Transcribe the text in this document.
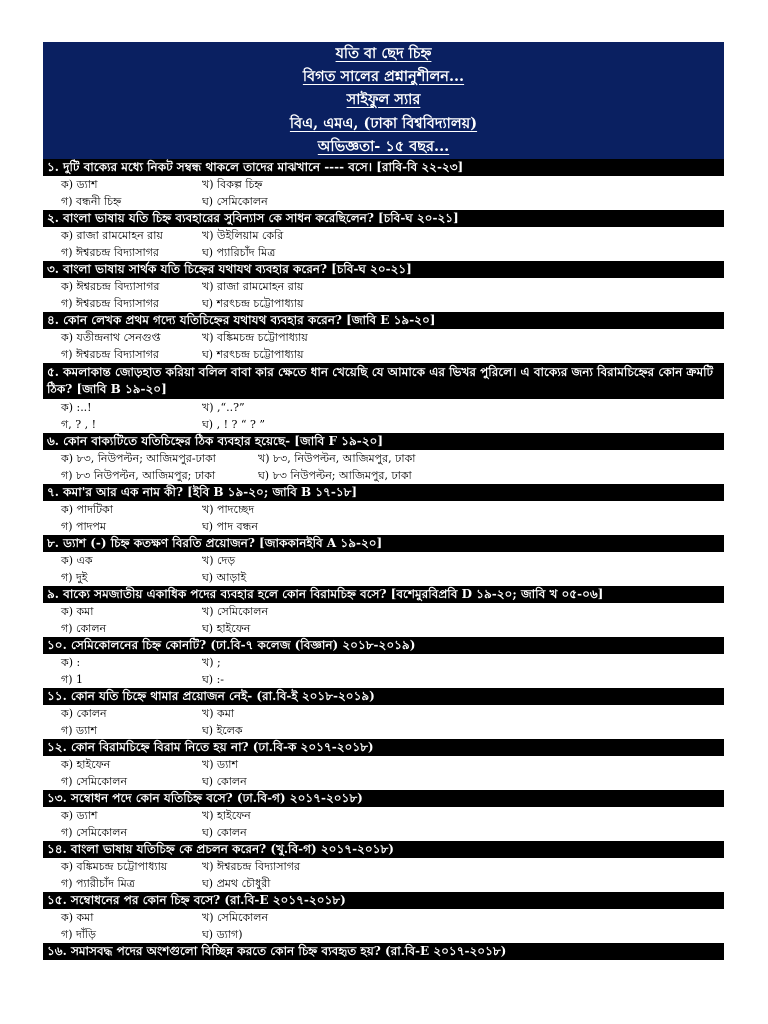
যতি বা ছেদ চিহ্ন
বিগত সালের প্রশ্নানুশীলন...
সাইফুল স্যার
বিএ, এমএ, (ঢাকা বিশ্ববিদ্যালয়)
অভিজ্ঞতা- ১৫ বছর...
১. দুটি বাক্যের মধ্যে নিকট সম্বন্ধ থাকলে তাদের মাঝখানে ---- বসে। [রাবি-বি ২২-২৩]
ক) ড্যাশ	খ) বিকল্প চিহ্ন
গ) বন্ধনী চিহ্ন	ঘ) সেমিকোলন
২. বাংলা ভাষায় যতি চিহ্ন ব্যবহারের সুবিন্যাস কে সাধন করেছিলেন? [চবি-ঘ ২০-২১]
ক) রাজা রামমোহন রায়	খ) উইলিয়াম কেরি
গ) ঈশ্বরচন্দ্র বিদ্যাসাগর	ঘ) প্যারিচাঁদ মিত্র
৩. বাংলা ভাষায় সার্থক যতি চিহ্নের যথাযথ ব্যবহার করেন? [চবি-ঘ ২০-২১]
ক) ঈশ্বরচন্দ্র বিদ্যাসাগর	খ) রাজা রামমোহন রায়
গ) ঈশ্বরচন্দ্র বিদ্যাসাগর	ঘ) শরৎচন্দ্র চট্টোপাধ্যায়
৪. কোন লেখক প্রথম গদ্যে যতিচিহ্নের যথাযথ ব্যবহার করেন? [জাবি E ১৯-২০]
ক) যতীন্দ্রনাথ সেনগুপ্ত	খ) বঙ্কিমচন্দ্র চট্টোপাধ্যায়
গ) ঈশ্বরচন্দ্র বিদ্যাসাগর	ঘ) শরৎচন্দ্র চট্টোপাধ্যায়
৫. কমলাকান্ত জোড়হাত করিয়া বলিল বাবা কার ক্ষেতে ধান খেয়েছি যে আমাকে এর ভিখর পুরিলে। এ বাক্যের জন্য বিরামচিহ্নের কোন ক্রমটি ঠিক? [জাবি B ১৯-২০]
ক) :..!	খ) ,“..?”
গ, ? , !	ঘ) , ! ? “ ? ”
৬. কোন বাক্যটিতে যতিচিহ্নের ঠিক ব্যবহার হয়েছে- [জাবি F ১৯-২০]
ক) ৮৩, নিউপল্টন; আজিমপুর-ঢাকা	খ) ৮৩, নিউপল্টন, আজিমপুর, ঢাকা
গ) ৮৩ নিউপল্টন, আজিমপুর; ঢাকা	ঘ) ৮৩ নিউপল্টন; আজিমপুর, ঢাকা
৭. কমা'র আর এক নাম কী? [ইবি B ১৯-২০; জাবি B ১৭-১৮]
ক) পাদটিকা	খ) পাদচ্ছেদ
গ) পাদপম	ঘ) পাদ বন্ধন
৮. ড্যাশ (-) চিহ্ন কতক্ষণ বিরতি প্রয়োজন? [জাককানইবি A ১৯-২০]
ক) এক	খ) দেড়
গ) দুই	ঘ) আড়াই
৯. বাক্যে সমজাতীয় একাধিক পদের ব্যবহার হলে কোন বিরামচিহ্ন বসে? [বশেমুরবিপ্রবি D ১৯-২০; জাবি খ ০৫-০৬]
ক) কমা	খ) সেমিকোলন
গ) কোলন	ঘ) হাইফেন
১০. সেমিকোলনের চিহ্ন কোনটি? (ঢা.বি-৭ কলেজ (বিজ্ঞান) ২০১৮-২০১৯)
ক) :	খ) ;
গ) 1	ঘ) :-
১১. কোন যতি চিহ্নে থামার প্রয়োজন নেই- (রা.বি-ই ২০১৮-২০১৯)
ক) কোলন	খ) কমা
গ) ড্যাশ	ঘ) ইলেক
১২. কোন বিরামচিহ্নে বিরাম নিতে হয় না? (ঢা.বি-ক ২০১৭-২০১৮)
ক) হাইফেন	খ) ড্যাশ
গ) সেমিকোলন	ঘ) কোলন
১৩. সম্বোধন পদে কোন যতিচিহ্ন বসে? (ঢা.বি-গ) ২০১৭-২০১৮)
ক) ড্যাশ	খ) হাইফেন
গ) সেমিকোলন	ঘ) কোলন
১৪. বাংলা ভাষায় যতিচিহ্ন কে প্রচলন করেন? (খু.বি-গ) ২০১৭-২০১৮)
ক) বঙ্কিমচন্দ্র চট্টোপাধ্যায়	খ) ঈশ্বরচন্দ্র বিদ্যাসাগর
গ) প্যারীচাঁদ মিত্র	ঘ) প্রমথ চৌধুরী
১৫. সম্বোধনের পর কোন চিহ্ন বসে? (রা.বি-E ২০১৭-২০১৮)
ক) কমা	খ) সেমিকোলন
গ) দাঁড়ি	ঘ) ড্যাগ)
১৬. সমাসবদ্ধ পদের অংশগুলো বিচ্ছিন্ন করতে কোন চিহ্ন ব্যবহৃত হয়? (রা.বি-E ২০১৭-২০১৮)
